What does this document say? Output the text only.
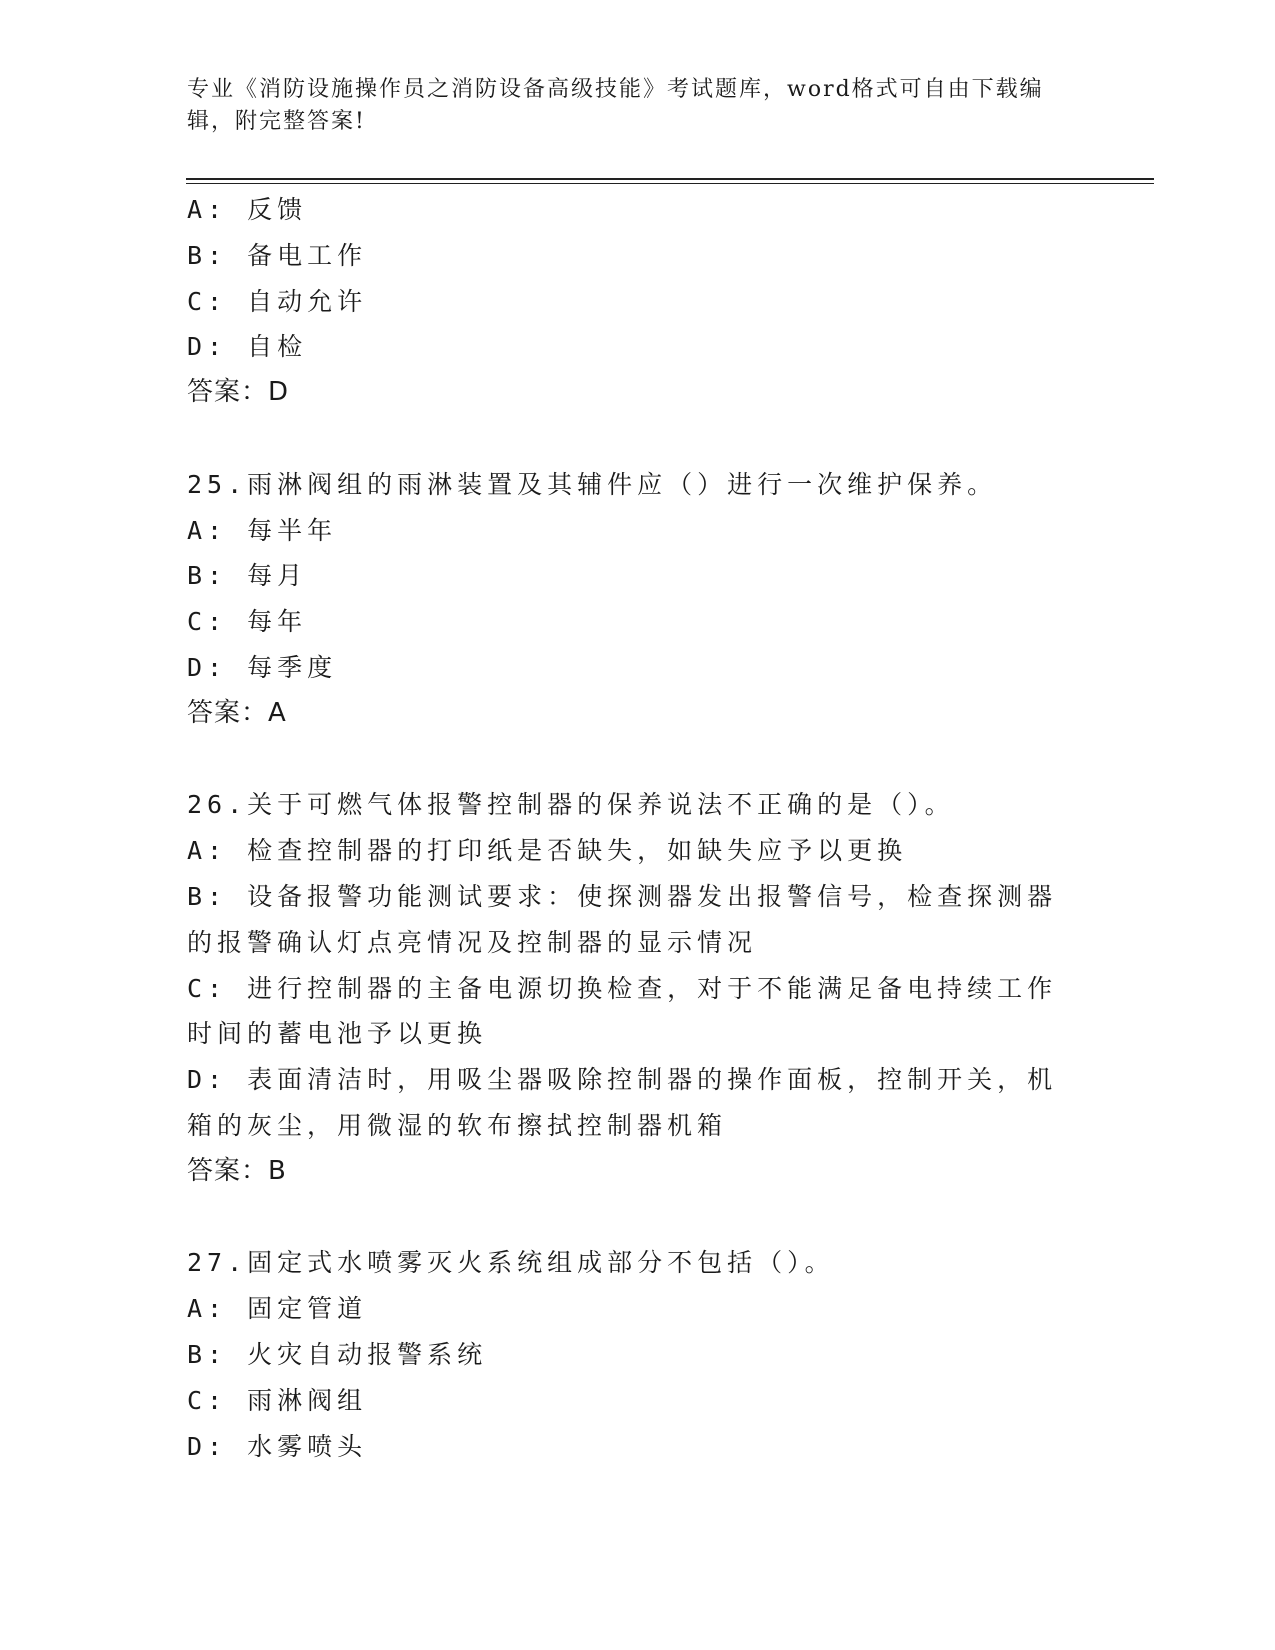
专业《消防设施操作员之消防设备高级技能》考试题库，word格式可自由下载编辑，附完整答案!

A: 反馈

B: 备电工作

C: 自动允许

D: 自检

答案：D

25.雨淋阀组的雨淋装置及其辅件应（）进行一次维护保养。

A: 每半年

B: 每月

C: 每年

D: 每季度

答案：A

26.关于可燃气体报警控制器的保养说法不正确的是（）。

A: 检查控制器的打印纸是否缺失，如缺失应予以更换

B: 设备报警功能测试要求：使探测器发出报警信号，检查探测器的报警确认灯点亮情况及控制器的显示情况

C: 进行控制器的主备电源切换检查，对于不能满足备电持续工作时间的蓄电池予以更换

D: 表面清洁时，用吸尘器吸除控制器的操作面板，控制开关，机箱的灰尘，用微湿的软布擦拭控制器机箱

答案：B

27.固定式水喷雾灭火系统组成部分不包括（）。

A: 固定管道

B: 火灾自动报警系统

C: 雨淋阀组

D: 水雾喷头
